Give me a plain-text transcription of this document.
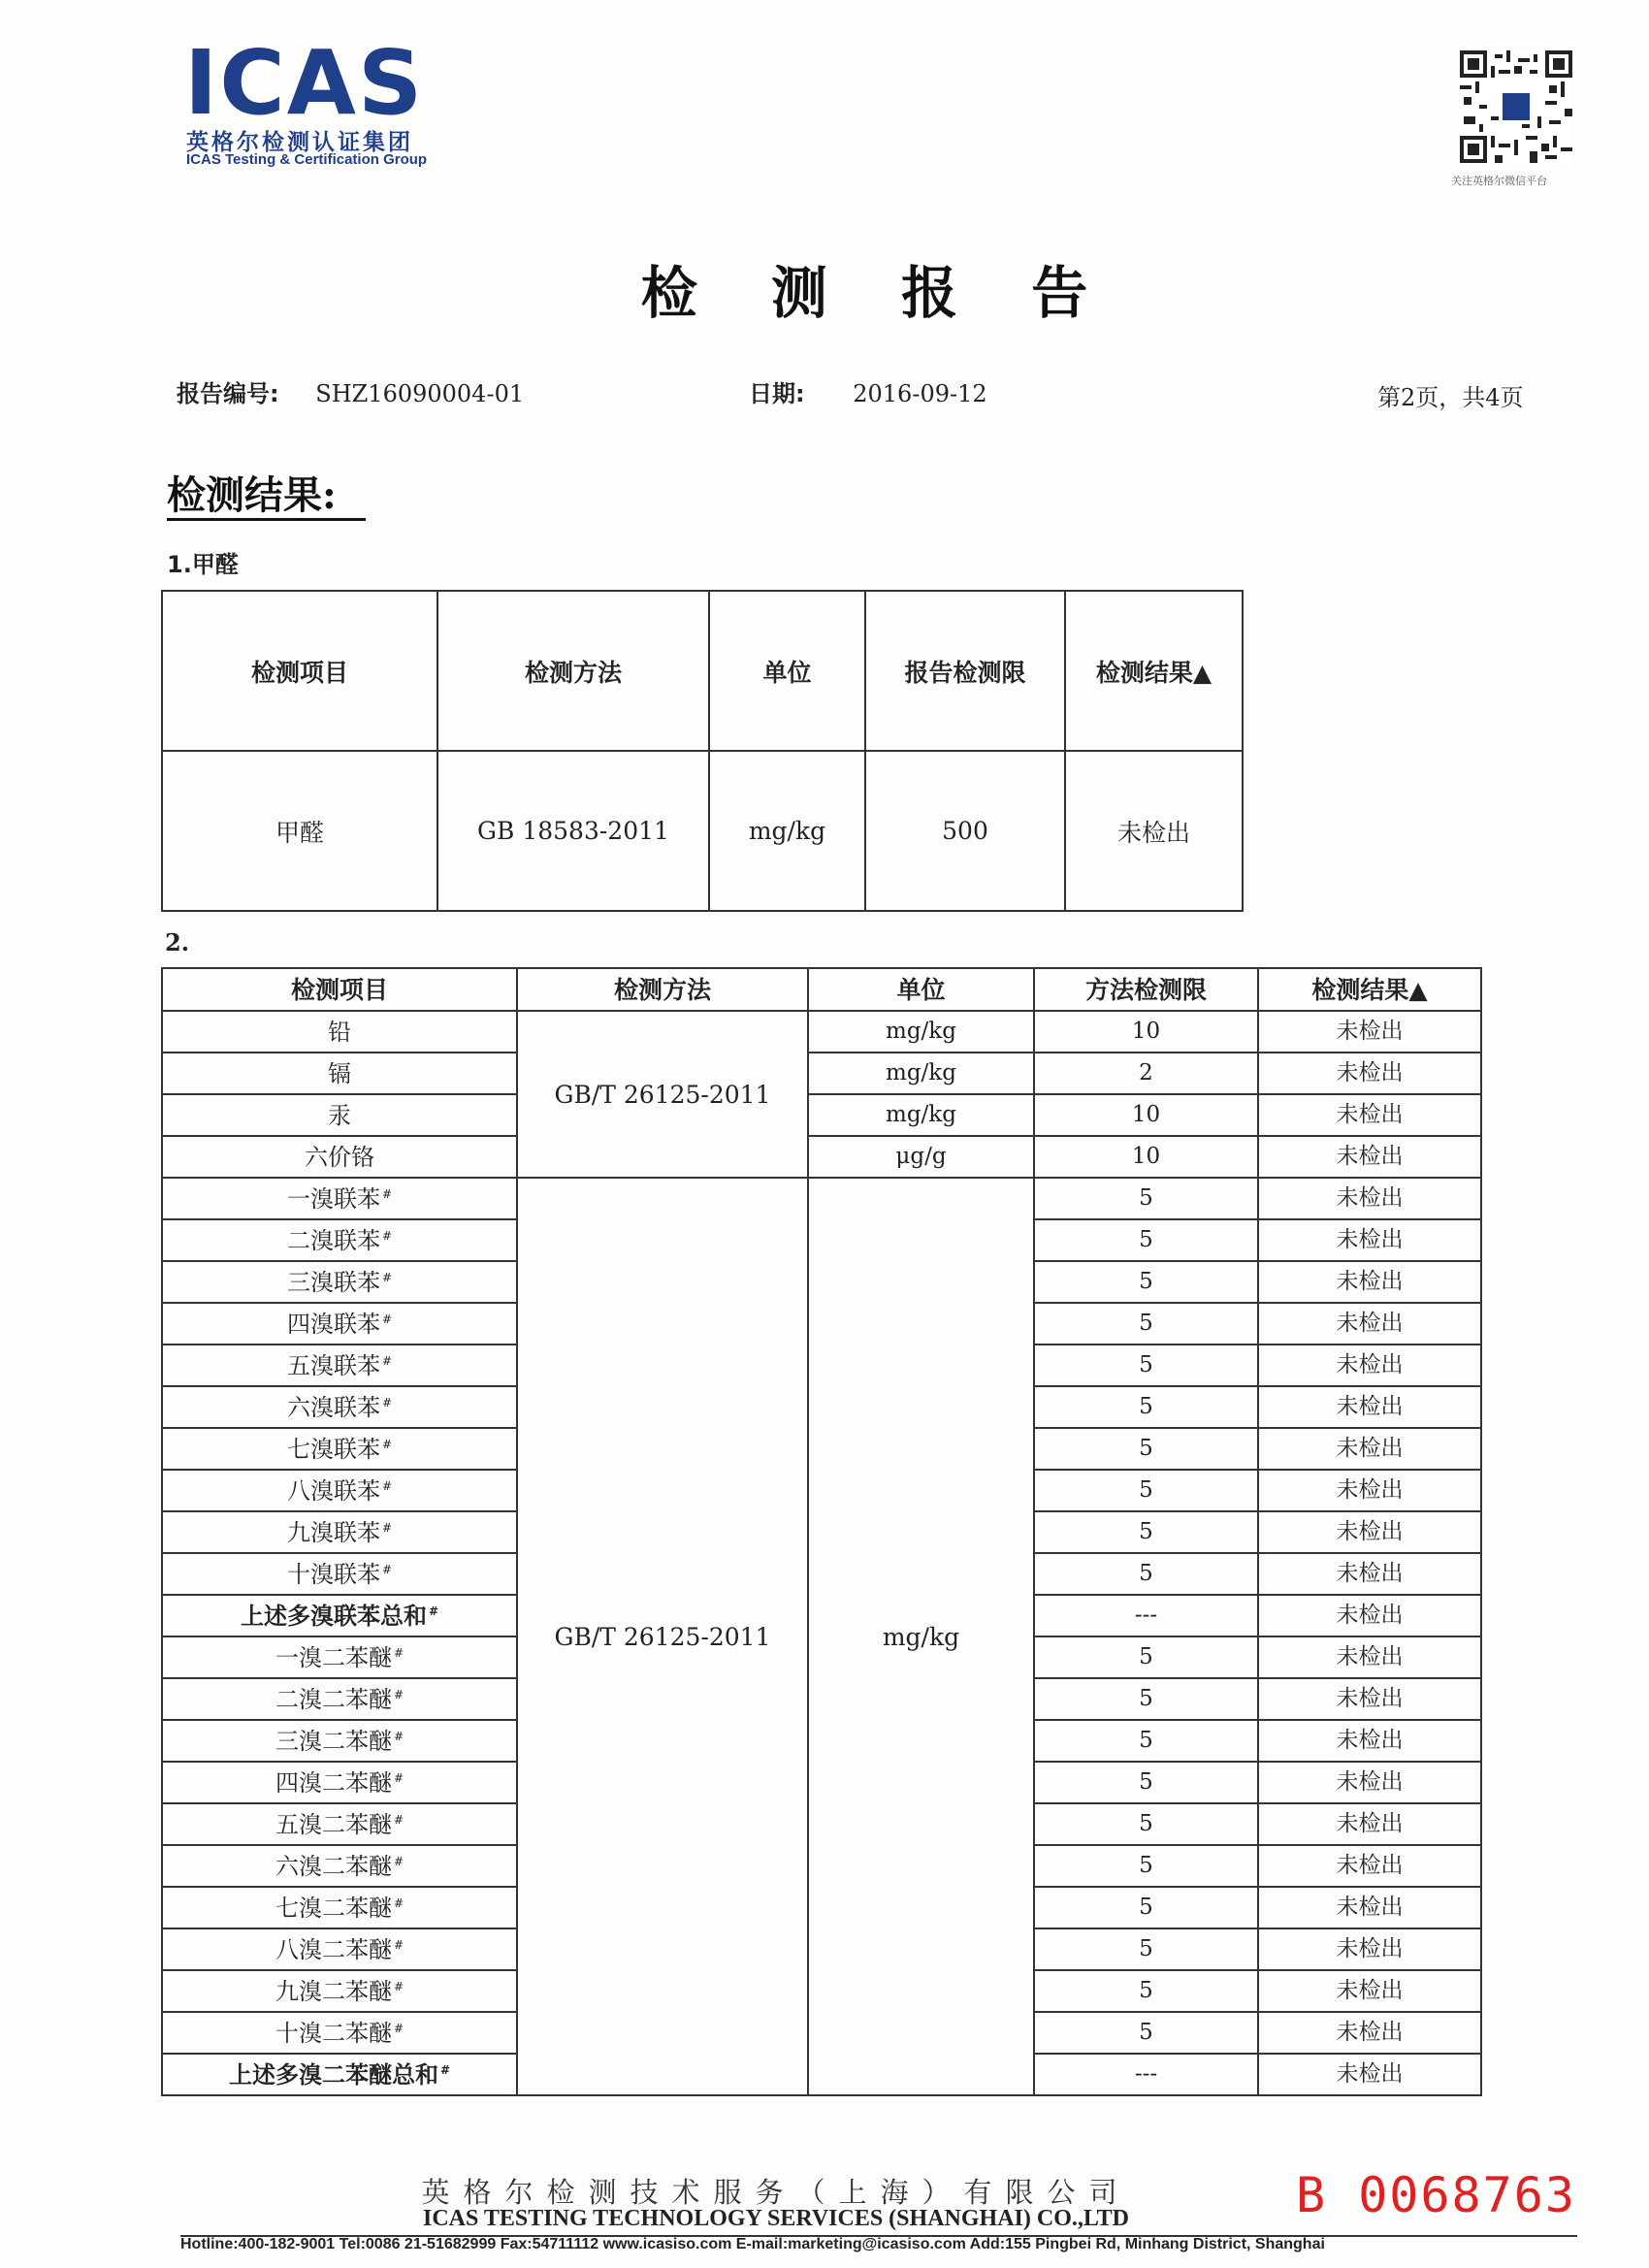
ICAS
英格尔检测认证集团
ICAS Testing & Certification Group
关注英格尔微信平台
检 测 报 告
报告编号: SHZ16090004-01	日期: 2016-09-12	第2页，共4页
检测结果:
1.甲醛
检测项目	检测方法	单位	报告检测限	检测结果▲
甲醛	GB 18583-2011	mg/kg	500	未检出
2.
检测项目	检测方法	单位	方法检测限	检测结果▲
铅	GB/T 26125-2011	mg/kg	10	未检出
镉		mg/kg	2	未检出
汞		mg/kg	10	未检出
六价铬		μg/g	10	未检出
一溴联苯 #	GB/T 26125-2011	mg/kg	5	未检出
二溴联苯 #			5	未检出
三溴联苯 #			5	未检出
四溴联苯 #			5	未检出
五溴联苯 #			5	未检出
六溴联苯 #			5	未检出
七溴联苯 #			5	未检出
八溴联苯 #			5	未检出
九溴联苯 #			5	未检出
十溴联苯 #			5	未检出
上述多溴联苯总和 #			---	未检出
一溴二苯醚 #			5	未检出
二溴二苯醚 #			5	未检出
三溴二苯醚 #			5	未检出
四溴二苯醚 #			5	未检出
五溴二苯醚 #			5	未检出
六溴二苯醚 #			5	未检出
七溴二苯醚 #			5	未检出
八溴二苯醚 #			5	未检出
九溴二苯醚 #			5	未检出
十溴二苯醚 #			5	未检出
上述多溴二苯醚总和 #			---	未检出
英格尔检测技术服务（上海）有限公司
ICAS TESTING TECHNOLOGY SERVICES (SHANGHAI) CO.,LTD
Hotline:400-182-9001 Tel:0086 21-51682999 Fax:54711112 www.icasiso.com E-mail:marketing@icasiso.com Add:155 Pingbei Rd, Minhang District, Shanghai
B 0068763
